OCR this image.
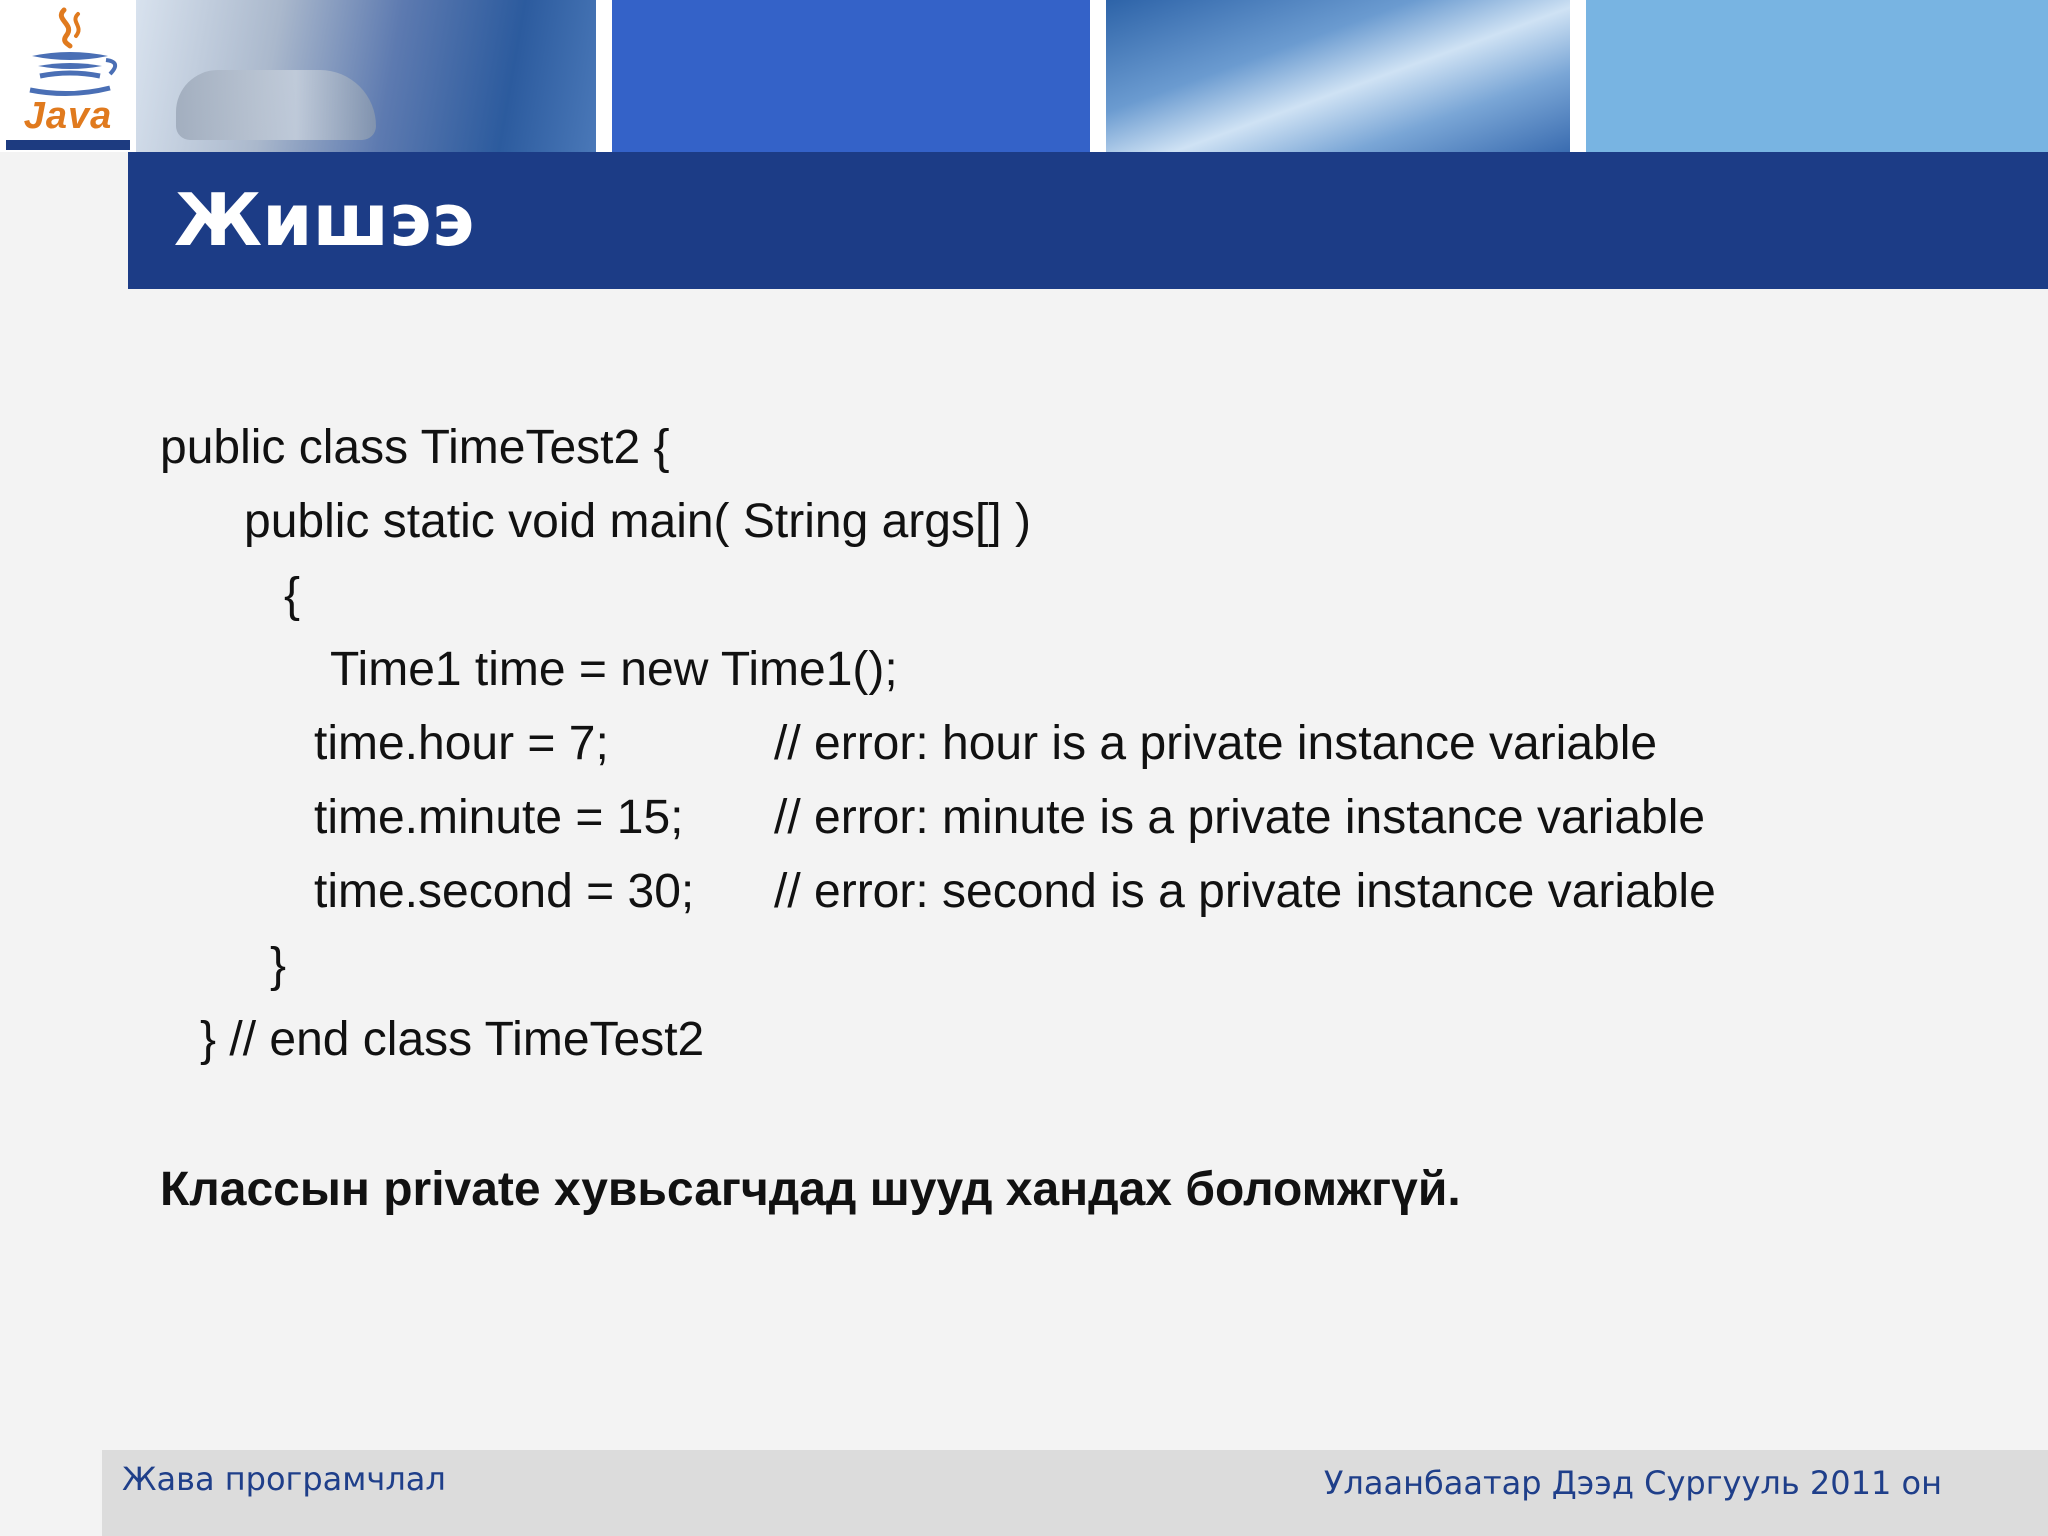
Java
Жишээ
public class TimeTest2 {
public static void main( String args[] )
{
Time1 time = new Time1();
time.hour = 7;	// error: hour is a private instance variable
time.minute = 15; // error: minute is a private instance variable
time.second = 30; // error: second is a private instance variable
}
} // end class TimeTest2
Классын private хувьсагчдад шууд хандах боломжгүй.
Жава програмчлал	Улаанбаатар Дээд Сургууль 2011 он
